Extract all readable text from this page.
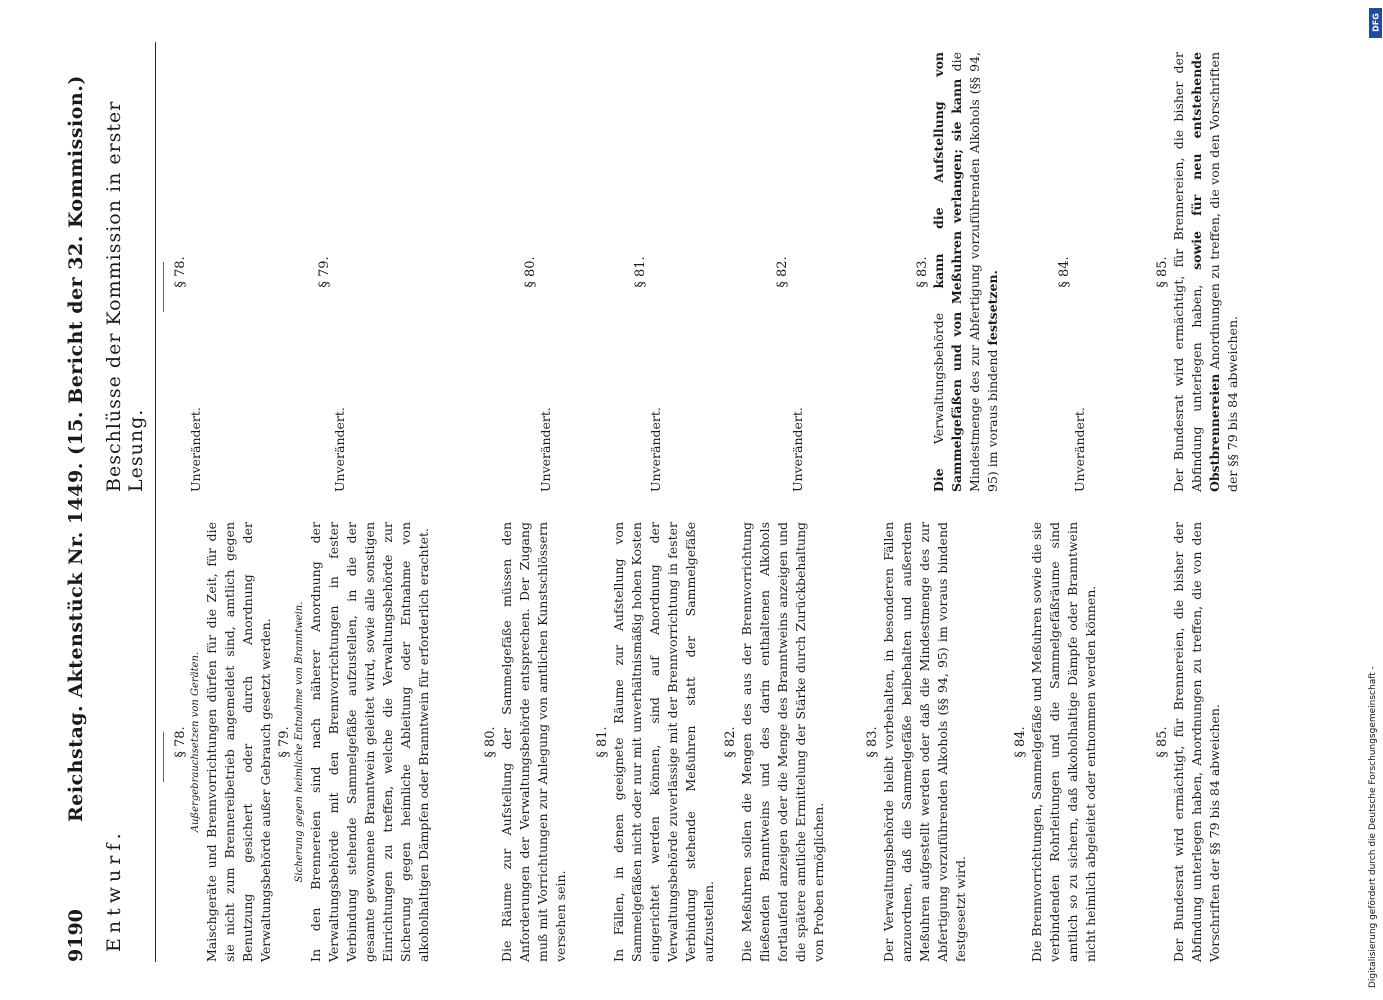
9190
Reichstag. Aktenstück Nr. 1449. (15. Bericht der 32. Kommission.)
Entwurf.
Beschlüsse der Kommission in erster Lesung.

§ 78. Außergebrauchsetzen von Geräten. Maischgeräte und Brennvorrichtungen dürfen für die Zeit, für die sie nicht zum Brennereibetrieb angemeldet sind, amtlich gegen Benutzung gesichert oder durch Anordnung der Verwaltungsbehörde außer Gebrauch gesetzt werden.

§ 78.

Unverändert.

§ 79. Sicherung gegen heimliche Entnahme von Branntwein. In den Brennereien sind nach näherer Anordnung der Verwaltungsbehörde mit den Brennvorrichtungen in fester Verbindung stehende Sammelgefäße aufzustellen, in die der gesamte gewonnene Branntwein geleitet wird, sowie alle sonstigen Einrichtungen zu treffen, welche die Verwaltungsbehörde zur Sicherung gegen heimliche Ableitung oder Entnahme von alkoholhaltigen Dämpfen oder Branntwein für erforderlich erachtet.

§ 79.

Unverändert.

§ 80. Die Räume zur Aufstellung der Sammelgefäße müssen den Anforderungen der Verwaltungsbehörde entsprechen. Der Zugang muß mit Vorrichtungen zur Anlegung von amtlichen Kunstschlössern versehen sein.

§ 80.

Unverändert.

§ 81. In Fällen, in denen geeignete Räume zur Aufstellung von Sammelgefäßen nicht oder nur mit unverhältnismäßig hohen Kosten eingerichtet werden können, sind auf Anordnung der Verwaltungsbehörde zuverlässige mit der Brennvorrichtung in fester Verbindung stehende Meßuhren statt der Sammelgefäße aufzustellen.

§ 81.

Unverändert.

§ 82. Die Meßuhren sollen die Mengen des aus der Brennvorrichtung fließenden Branntweins und des darin enthaltenen Alkohols fortlaufend anzeigen oder die Menge des Branntweins anzeigen und die spätere amtliche Ermittelung der Stärke durch Zurückbehaltung von Proben ermöglichen.

§ 82.

Unverändert.

§ 83. Der Verwaltungsbehörde bleibt vorbehalten, in besonderen Fällen anzuordnen, daß die Sammelgefäße beibehalten und außerdem Meßuhren aufgestellt werden oder daß die Mindestmenge des zur Abfertigung vorzuführenden Alkohols (§§ 94, 95) im voraus bindend festgesetzt wird.

§ 83.

Die Verwaltungsbehörde kann die Aufstellung von Sammelgefäßen und von Meßuhren verlangen; sie kann die Mindestmenge des zur Abfertigung vorzuführenden Alkohols (§§ 94, 95) im voraus bindend festsetzen.

§ 84. Die Brennvorrichtungen, Sammelgefäße und Meßuhren sowie die sie verbindenden Rohrleitungen und die Sammelgefäßräume sind amtlich so zu sichern, daß alkoholhaltige Dämpfe oder Branntwein nicht heimlich abgeleitet oder entnommen werden können.

§ 84.

Unverändert.

§ 85. Der Bundesrat wird ermächtigt, für Brennereien, die bisher der Abfindung unterlegen haben, Anordnungen zu treffen, die von den Vorschriften der §§ 79 bis 84 abweichen.

§ 85. Der Bundesrat wird ermächtigt, für Brennereien, die bisher der Abfindung unterlegen haben, sowie für neu entstehende Obstbrennereien Anordnungen zu treffen, die von den Vorschriften der §§ 79 bis 84 abweichen.

DFG
Digitalisierung gefördert durch die Deutsche Forschungsgemeinschaft -
